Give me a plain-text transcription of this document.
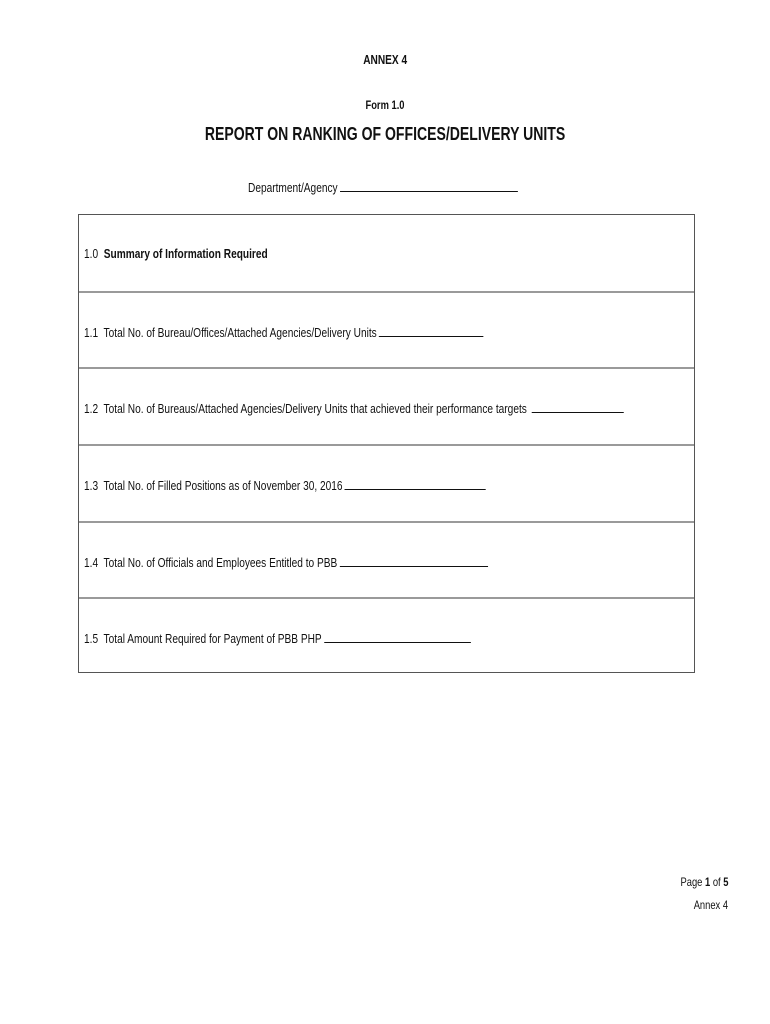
ANNEX 4
Form 1.0
REPORT ON RANKING OF OFFICES/DELIVERY UNITS
Department/Agency
1.0 Summary of Information Required
1.1 Total No. of Bureau/Offices/Attached Agencies/Delivery Units
1.2 Total No. of Bureaus/Attached Agencies/Delivery Units that achieved their performance targets
1.3 Total No. of Filled Positions as of November 30, 2016
1.4 Total No. of Officials and Employees Entitled to PBB
1.5 Total Amount Required for Payment of PBB PHP
Page 1 of 5
Annex 4
